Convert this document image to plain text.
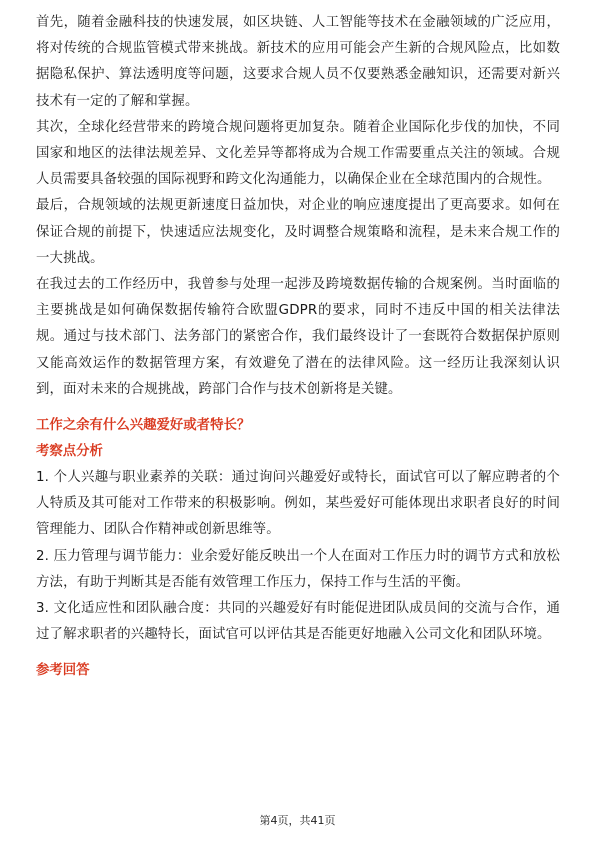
首先，随着金融科技的快速发展，如区块链、人工智能等技术在金融领域的广泛应用，将对传统的合规监管模式带来挑战。新技术的应用可能会产生新的合规风险点，比如数据隐私保护、算法透明度等问题，这要求合规人员不仅要熟悉金融知识，还需要对新兴技术有一定的了解和掌握。

其次，全球化经营带来的跨境合规问题将更加复杂。随着企业国际化步伐的加快，不同国家和地区的法律法规差异、文化差异等都将成为合规工作需要重点关注的领域。合规人员需要具备较强的国际视野和跨文化沟通能力，以确保企业在全球范围内的合规性。

最后，合规领域的法规更新速度日益加快，对企业的响应速度提出了更高要求。如何在保证合规的前提下，快速适应法规变化，及时调整合规策略和流程，是未来合规工作的一大挑战。

在我过去的工作经历中，我曾参与处理一起涉及跨境数据传输的合规案例。当时面临的主要挑战是如何确保数据传输符合欧盟GDPR的要求，同时不违反中国的相关法律法规。通过与技术部门、法务部门的紧密合作，我们最终设计了一套既符合数据保护原则又能高效运作的数据管理方案，有效避免了潜在的法律风险。这一经历让我深刻认识到，面对未来的合规挑战，跨部门合作与技术创新将是关键。

工作之余有什么兴趣爱好或者特长？
考察点分析

1. 个人兴趣与职业素养的关联：通过询问兴趣爱好或特长，面试官可以了解应聘者的个人特质及其可能对工作带来的积极影响。例如，某些爱好可能体现出求职者良好的时间管理能力、团队合作精神或创新思维等。

2. 压力管理与调节能力：业余爱好能反映出一个人在面对工作压力时的调节方式和放松方法，有助于判断其是否能有效管理工作压力，保持工作与生活的平衡。

3. 文化适应性和团队融合度：共同的兴趣爱好有时能促进团队成员间的交流与合作，通过了解求职者的兴趣特长，面试官可以评估其是否能更好地融入公司文化和团队环境。

参考回答
第4页，共41页
